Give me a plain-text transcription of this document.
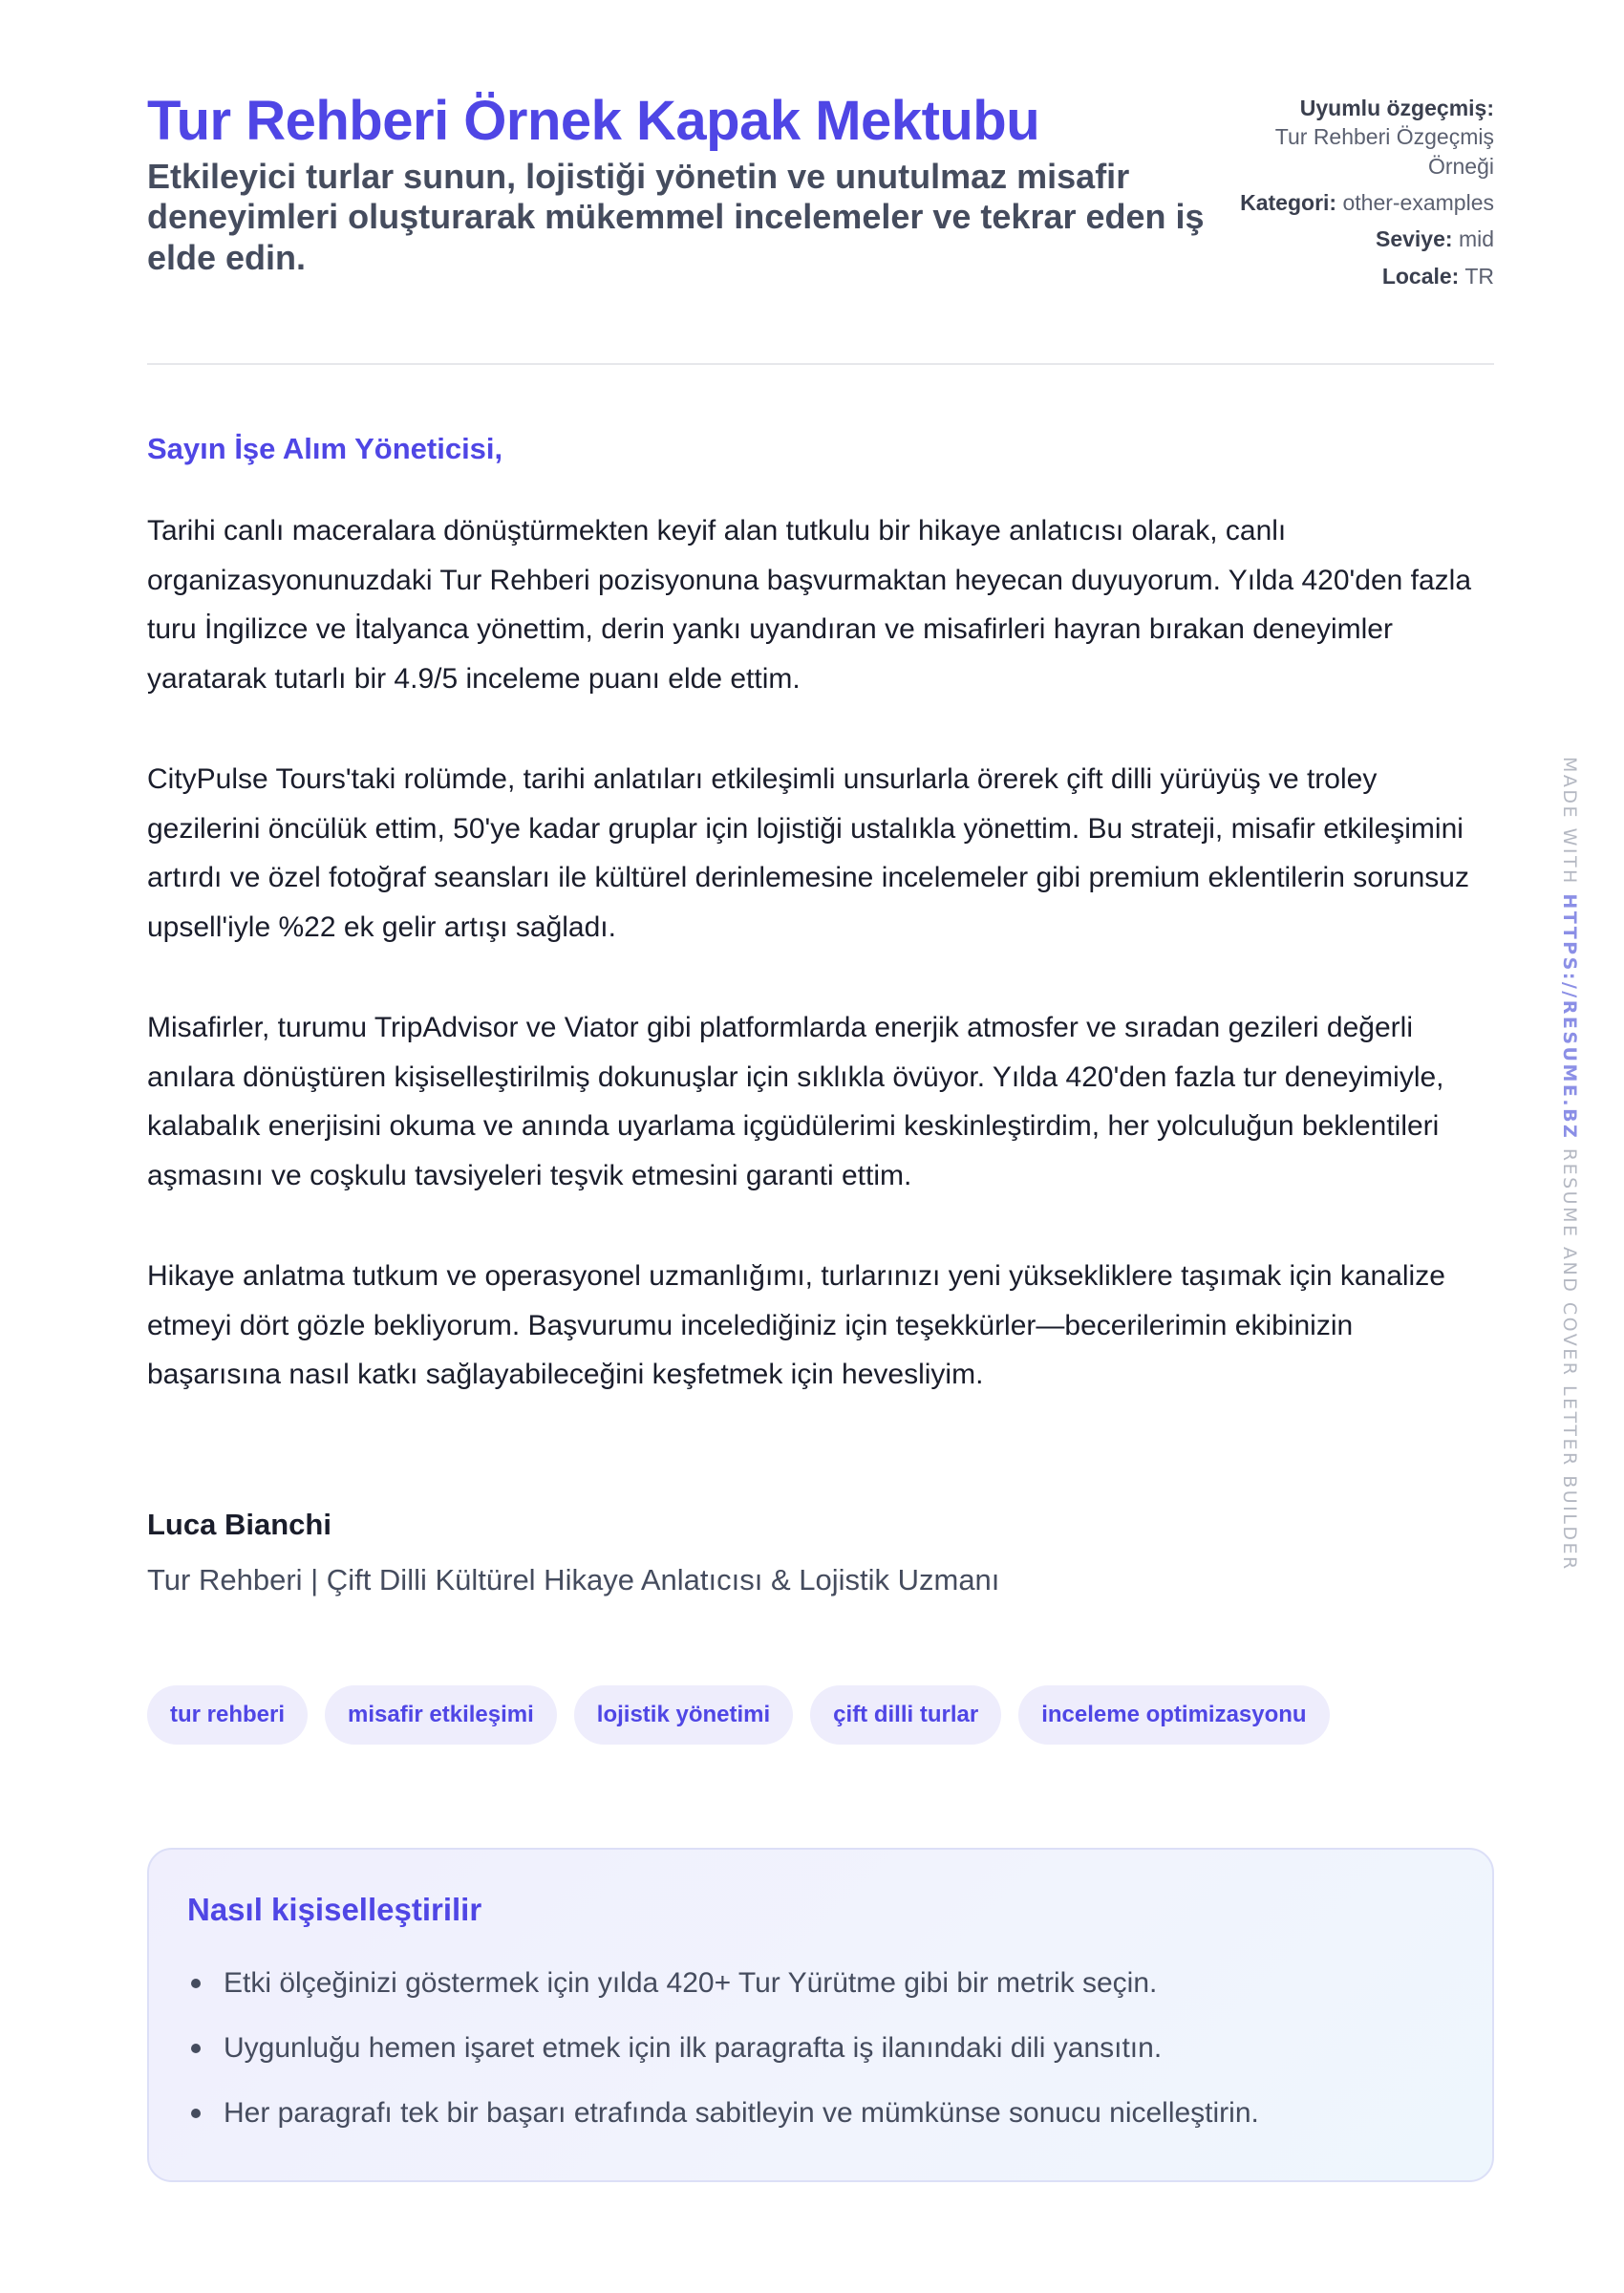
Tur Rehberi Örnek Kapak Mektubu
Etkileyici turlar sunun, lojistiği yönetin ve unutulmaz misafir deneyimleri oluşturarak mükemmel incelemeler ve tekrar eden iş elde edin.
Uyumlu özgeçmiş:
Tur Rehberi Özgeçmiş Örneği
Kategori: other-examples
Seviye: mid
Locale: TR
Sayın İşe Alım Yöneticisi,

Tarihi canlı maceralara dönüştürmekten keyif alan tutkulu bir hikaye anlatıcısı olarak, canlı organizasyonunuzdaki Tur Rehberi pozisyonuna başvurmaktan heyecan duyuyorum. Yılda 420'den fazla turu İngilizce ve İtalyanca yönettim, derin yankı uyandıran ve misafirleri hayran bırakan deneyimler yaratarak tutarlı bir 4.9/5 inceleme puanı elde ettim.

CityPulse Tours'taki rolümde, tarihi anlatıları etkileşimli unsurlarla örerek çift dilli yürüyüş ve troley gezilerini öncülük ettim, 50'ye kadar gruplar için lojistiği ustalıkla yönettim. Bu strateji, misafir etkileşimini artırdı ve özel fotoğraf seansları ile kültürel derinlemesine incelemeler gibi premium eklentilerin sorunsuz upsell'iyle %22 ek gelir artışı sağladı.

Misafirler, turumu TripAdvisor ve Viator gibi platformlarda enerjik atmosfer ve sıradan gezileri değerli anılara dönüştüren kişiselleştirilmiş dokunuşlar için sıklıkla övüyor. Yılda 420'den fazla tur deneyimiyle, kalabalık enerjisini okuma ve anında uyarlama içgüdülerimi keskinleştirdim, her yolculuğun beklentileri aşmasını ve coşkulu tavsiyeleri teşvik etmesini garanti ettim.

Hikaye anlatma tutkum ve operasyonel uzmanlığımı, turlarınızı yeni yüksekliklere taşımak için kanalize etmeyi dört gözle bekliyorum. Başvurumu incelediğiniz için teşekkürler—becerilerimin ekibinizin başarısına nasıl katkı sağlayabileceğini keşfetmek için hevesliyim.

Luca Bianchi
Tur Rehberi | Çift Dilli Kültürel Hikaye Anlatıcısı & Lojistik Uzmanı
tur rehberi	misafir etkileşimi	lojistik yönetimi	çift dilli turlar	inceleme optimizasyonu
Nasıl kişiselleştirilir
Etki ölçeğinizi göstermek için yılda 420+ Tur Yürütme gibi bir metrik seçin.
Uygunluğu hemen işaret etmek için ilk paragrafta iş ilanındaki dili yansıtın.
Her paragrafı tek bir başarı etrafında sabitleyin ve mümkünse sonucu nicelleştirin.
MADE WITH HTTPS://RESUME.BZ RESUME AND COVER LETTER BUILDER
